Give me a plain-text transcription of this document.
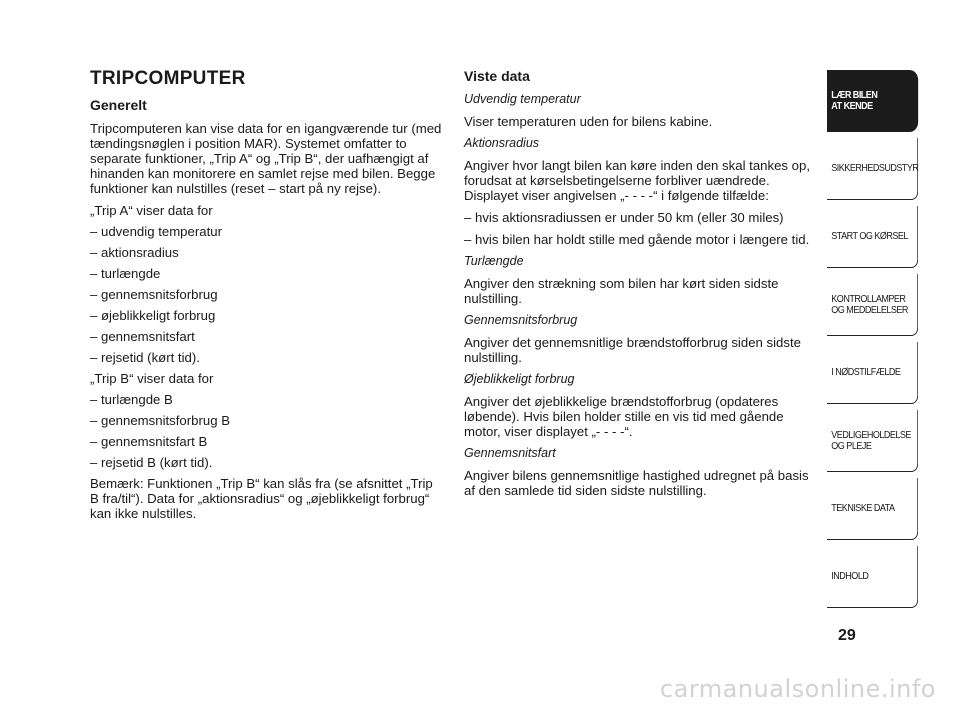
TRIPCOMPUTER

Generelt

Tripcomputeren kan vise data for en igangværende tur (med tændingsnøglen i position MAR). Systemet omfatter to separate funktioner, „Trip A“ og „Trip B“, der uafhængigt af hinanden kan monitorere en samlet rejse med bilen. Begge funktioner kan nulstilles (reset – start på ny rejse).

„Trip A“ viser data for

– udvendig temperatur

– aktionsradius

– turlængde

– gennemsnitsforbrug

– øjeblikkeligt forbrug

– gennemsnitsfart

– rejsetid (kørt tid).

„Trip B“ viser data for

– turlængde B

– gennemsnitsforbrug B

– gennemsnitsfart B

– rejsetid B (kørt tid).

Bemærk: Funktionen „Trip B“ kan slås fra (se afsnittet „Trip B fra/til“). Data for „aktionsradius“ og „øjeblikkeligt forbrug“ kan ikke nulstilles.

Viste data

Udvendig temperatur

Viser temperaturen uden for bilens kabine.

Aktionsradius

Angiver hvor langt bilen kan køre inden den skal tankes op, forudsat at kørselsbetingelserne forbliver uændrede. Displayet viser angivelsen „- - - -“ i følgende tilfælde:

– hvis aktionsradiussen er under 50 km (eller 30 miles)

– hvis bilen har holdt stille med gående motor i længere tid.

Turlængde

Angiver den strækning som bilen har kørt siden sidste nulstilling.

Gennemsnitsforbrug

Angiver det gennemsnitlige brændstofforbrug siden sidste nulstilling.

Øjeblikkeligt forbrug

Angiver det øjeblikkelige brændstofforbrug (opdateres løbende). Hvis bilen holder stille en vis tid med gående motor, viser displayet „- - - -“.

Gennemsnitsfart

Angiver bilens gennemsnitlige hastighed udregnet på basis af den samlede tid siden sidste nulstilling.

LÆR BILEN
AT KENDE
SIKKERHEDSUDSTYR
START OG KØRSEL
KONTROLLAMPER
OG MEDDELELSER
I NØDSTILFÆLDE
VEDLIGEHOLDELSE
OG PLEJE
TEKNISKE DATA
INDHOLD
29
carmanualsonline.info
